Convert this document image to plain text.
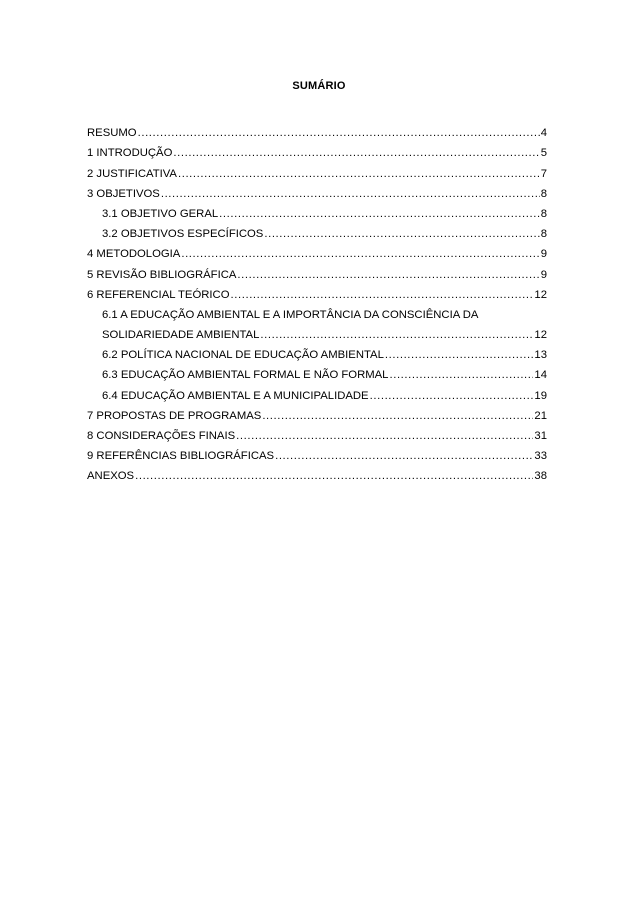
SUMÁRIO
RESUMO .....	4
1 INTRODUÇÃO .....	5
2 JUSTIFICATIVA .....	7
3 OBJETIVOS .....	8
3.1 OBJETIVO GERAL .....	8
3.2 OBJETIVOS ESPECÍFICOS .....	8
4 METODOLOGIA .....	9
5 REVISÃO BIBLIOGRÁFICA .....	9
6 REFERENCIAL TEÓRICO .....	12
6.1 A EDUCAÇÃO AMBIENTAL E A IMPORTÂNCIA DA CONSCIÊNCIA DA
SOLIDARIEDADE AMBIENTAL .....	12
6.2 POLÍTICA NACIONAL DE EDUCAÇÃO AMBIENTAL .....	13
6.3 EDUCAÇÃO AMBIENTAL FORMAL E NÃO FORMAL .....	14
6.4 EDUCAÇÃO AMBIENTAL E A MUNICIPALIDADE .....	19
7 PROPOSTAS DE PROGRAMAS .....	21
8 CONSIDERAÇÕES FINAIS .....	31
9 REFERÊNCIAS BIBLIOGRÁFICAS .....	33
ANEXOS .....	38
